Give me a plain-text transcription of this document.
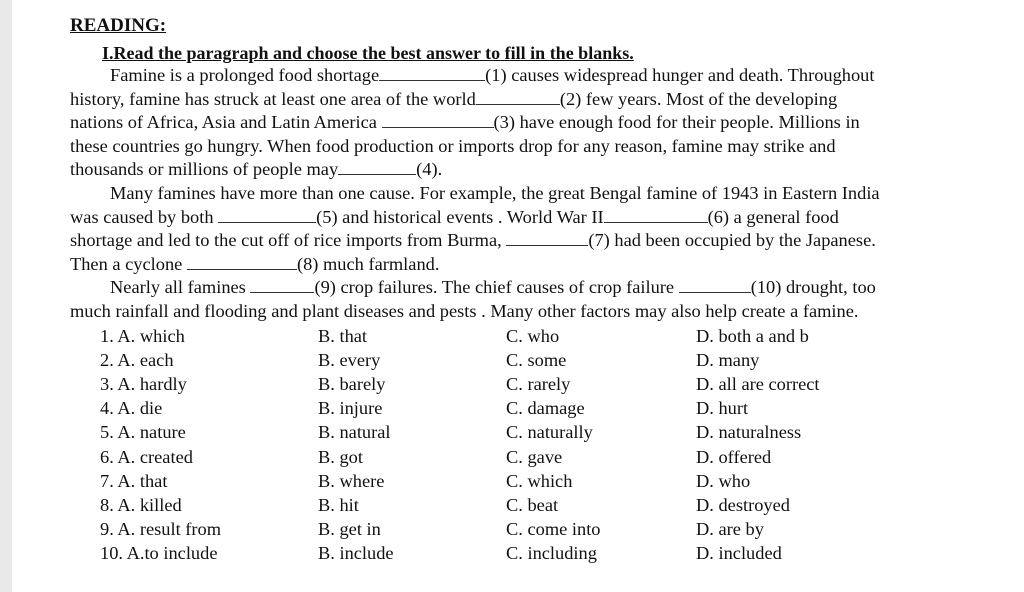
READING:
I.Read the paragraph and choose the best answer to fill in the blanks.
Famine is a prolonged food shortage	(1) causes widespread hunger and death. Throughout
history, famine has struck at least one area of the world	(2) few years. Most of the developing
nations of Africa, Asia and Latin America	(3) have enough food for their people. Millions in
these countries go hungry. When food production or imports drop for any reason, famine may strike and
thousands or millions of people may	(4).
Many famines have more than one cause. For example, the great Bengal famine of 1943 in Eastern India
was caused by both	(5) and historical events . World War II	(6) a general food
shortage and led to the cut off of rice imports from Burma,	(7) had been occupied by the Japanese.
Then a cyclone	(8) much farmland.
Nearly all famines	(9) crop failures. The chief causes of crop failure	(10) drought, too
much rainfall and flooding and plant diseases and pests . Many other factors may also help create a famine.
1. A. which	B. that	C. who	D. both a and b
2. A. each	B. every	C. some	D. many
3. A. hardly	B. barely	C. rarely	D. all are correct
4. A. die	B. injure	C. damage	D. hurt
5. A. nature	B. natural	C. naturally	D. naturalness
6. A. created	B. got	C. gave	D. offered
7. A. that	B. where	C. which	D. who
8. A. killed	B. hit	C. beat	D. destroyed
9. A. result from	B. get in	C. come into	D. are by
10. A.to include	B. include	C. including	D. included
